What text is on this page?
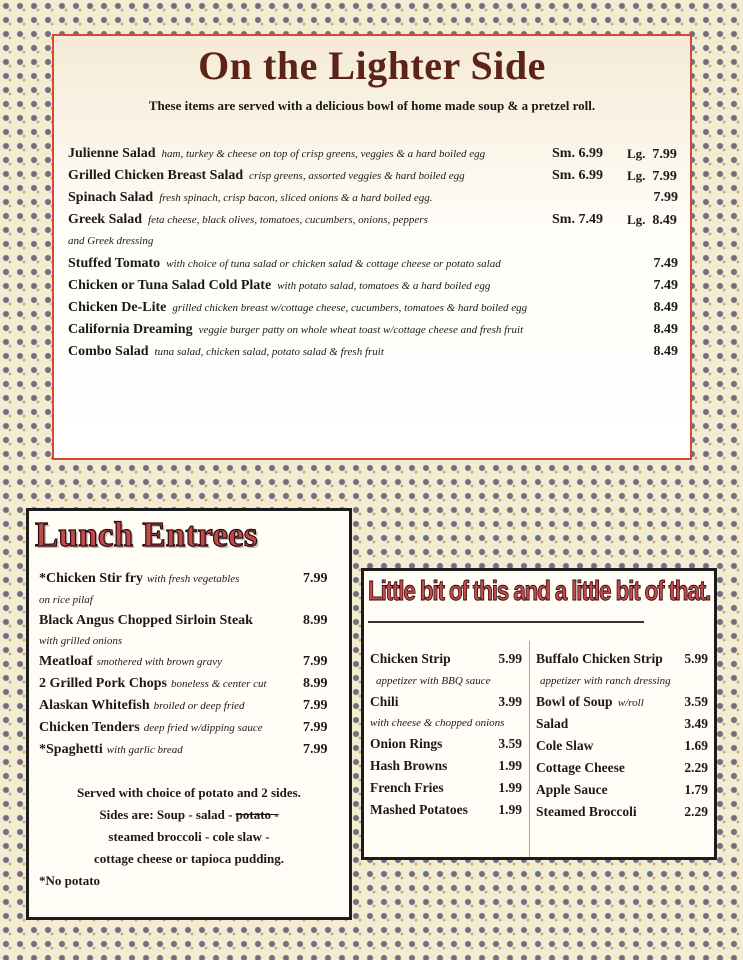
On the Lighter Side
These items are served with a delicious bowl of home made soup & a pretzel roll.
Julienne Salad ham, turkey & cheese on top of crisp greens, veggies & a hard boiled egg	Sm. 6.99 Lg. 7.99
Grilled Chicken Breast Salad crisp greens, assorted veggies & hard boiled egg	Sm. 6.99 Lg. 7.99
Spinach Salad fresh spinach, crisp bacon, sliced onions & a hard boiled egg.	7.99
Greek Salad feta cheese, black olives, tomatoes, cucumbers, onions, peppers	Sm. 7.49 Lg. 8.49
and Greek dressing
Stuffed Tomato with choice of tuna salad or chicken salad & cottage cheese or potato salad	7.49
Chicken or Tuna Salad Cold Plate with potato salad, tomatoes & a hard boiled egg	7.49
Chicken De-Lite grilled chicken breast w/cottage cheese, cucumbers, tomatoes & hard boiled egg	8.49
California Dreaming veggie burger patty on whole wheat toast w/cottage cheese and fresh fruit	8.49
Combo Salad tuna salad, chicken salad, potato salad & fresh fruit	8.49
Lunch Entrees
*Chicken Stir fry with fresh vegetables	7.99
on rice pilaf
Black Angus Chopped Sirloin Steak	8.99
with grilled onions
Meatloaf smothered with brown gravy	7.99
2 Grilled Pork Chops boneless & center cut	8.99
Alaskan Whitefish broiled or deep fried	7.99
Chicken Tenders deep fried w/dipping sauce	7.99
*Spaghetti with garlic bread	7.99
Served with choice of potato and 2 sides.
Sides are: Soup - salad - potato -
steamed broccoli - cole slaw -
cottage cheese or tapioca pudding.
*No potato
Little bit of this and a little bit of that.
Chicken Strip	5.99
appetizer with BBQ sauce
Chili	3.99
with cheese & chopped onions
Onion Rings	3.59
Hash Browns	1.99
French Fries	1.99
Mashed Potatoes 1.99
Buffalo Chicken Strip 5.99
appetizer with ranch dressing
Bowl of Soup w/roll	3.59
Salad	3.49
Cole Slaw	1.69
Cottage Cheese	2.29
Apple Sauce	1.79
Steamed Broccoli	2.29
